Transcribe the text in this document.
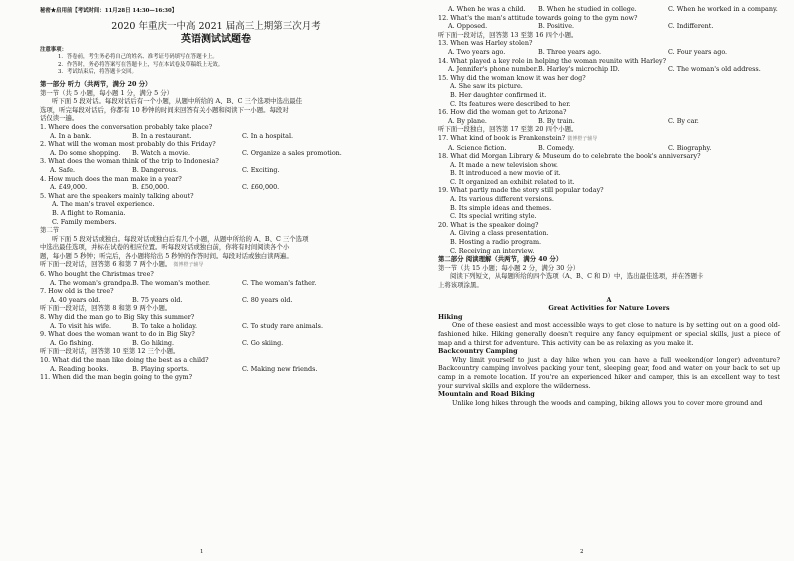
秘密★启用前【考试时间：11月28日 14:30—16:30】
2020 年重庆一中高 2021 届高三上期第三次月考
英语测试试题卷
注意事项：
1．答卷前，考生务必将自己的姓名、准考证号码填写在答题卡上。
2．作答时，务必将答案写在答题卡上，写在本试卷及草稿纸上无效。
3．考试结束后，将答题卡交回。
第一部分 听力（共两节，满分 20 分）
第一节（共 5 小题，每小题 1 分，满分 5 分）
听下面 5 段对话。每段对话后有一个小题，从题中所给的 A、B、C 三个选项中选出最佳
选项，听完每段对话后，你都有 10 秒钟的时间来回答有关小题和阅读下一小题。每段对
话仅读一遍。
1. Where does the conversation probably take place?
A. In a bank.	B. In a restaurant.	C. In a hospital.
2. What will the woman most probably do this Friday?
A. Do some shopping.	B. Watch a movie.	C. Organize a sales promotion.
3. What does the woman think of the trip to Indonesia?
A. Safe.	B. Dangerous.	C. Exciting.
4. How much does the man make in a year?
A. £49,000.	B. £50,000.	C. £60,000.
5. What are the speakers mainly talking about?
A. The man's travel experience.
B. A flight to Romania.
C. Family members.
第二节
听下面 5 段对话或独白。每段对话或独白后有几个小题，从题中所给的 A、B、C 三个选项
中选出最佳选项，并标在试卷的相应位置。听每段对话或独白前，你将有时间阅读各个小
题，每小题 5 秒钟；听完后，各小题将给出 5 秒钟的作答时间。每段对话或独白读两遍。
听下面一段对话，回答第 6 和第 7 两个小题。 微博橙子辅导
6. Who bought the Christmas tree?
A. The woman's grandpa. B. The woman's mother.	C. The woman's father.
7. How old is the tree?
A. 40 years old.	B. 75 years old.	C. 80 years old.
听下面一段对话，回答第 8 和第 9 两个小题。
8. Why did the man go to Big Sky this summer?
A. To visit his wife.	B. To take a holiday.	C. To study rare animals.
9. What does the woman want to do in Big Sky?
A. Go fishing.	B. Go hiking.	C. Go skiing.
听下面一段对话，回答第 10 至第 12 三个小题。
10. What did the man like doing the best as a child?
A. Reading books.	B. Playing sports.	C. Making new friends.
11. When did the man begin going to the gym?
1
A. When he was a child.	B. When he studied in college.	C. When he worked in a company.
12. What's the man's attitude towards going to the gym now?
A. Opposed.	B. Positive.	C. Indifferent.
听下面一段对话，回答第 13 至第 16 四个小题。
13. When was Harley stolen?
A. Two years ago.	B. Three years ago.	C. Four years ago.
14. What played a key role in helping the woman reunite with Harley?
A. Jennifer's phone number. B. Harley's microchip ID.	C. The woman's old address.
15. Why did the woman know it was her dog?
A. She saw its picture.
B. Her daughter confirmed it.
C. Its features were described to her.
16. How did the woman get to Arizona?
A. By plane.	B. By train.	C. By car.
听下面一段独白，回答第 17 至第 20 四个小题。
17. What kind of book is Frankenstein? 微博橙子辅导
A. Science fiction.	B. Comedy.	C. Biography.
18. What did Morgan Library & Museum do to celebrate the book's anniversary?
A. It made a new television show.
B. It introduced a new movie of it.
C. It organized an exhibit related to it.
19. What partly made the story still popular today?
A. Its various different versions.
B. Its simple ideas and themes.
C. Its special writing style.
20. What is the speaker doing?
A. Giving a class presentation.
B. Hosting a radio program.
C. Receiving an interview.
第二部分 阅读理解（共两节，满分 40 分）
第一节（共 15 小题；每小题 2 分，满分 30 分）
阅读下列短文，从每题所给的四个选项（A、B、C 和 D）中，选出最佳选项，并在答题卡
上将该项涂黑。
A
Great Activities for Nature Lovers
Hiking
One of these easiest and most accessible ways to get close to nature is by setting out on a good old-fashioned hike. Hiking generally doesn't require any fancy equipment or special skills, just a piece of map and a thirst for adventure. This activity can be as relaxing as you make it.
Backcountry Camping
Why limit yourself to just a day hike when you can have a full weekend(or longer) adventure? Backcountry camping involves packing your tent, sleeping gear, food and water on your back to set up camp in a remote location. If you're an experienced hiker and camper, this is an excellent way to test your survival skills and explore the wilderness.
Mountain and Road Biking
Unlike long hikes through the woods and camping, biking allows you to cover more ground and
2
